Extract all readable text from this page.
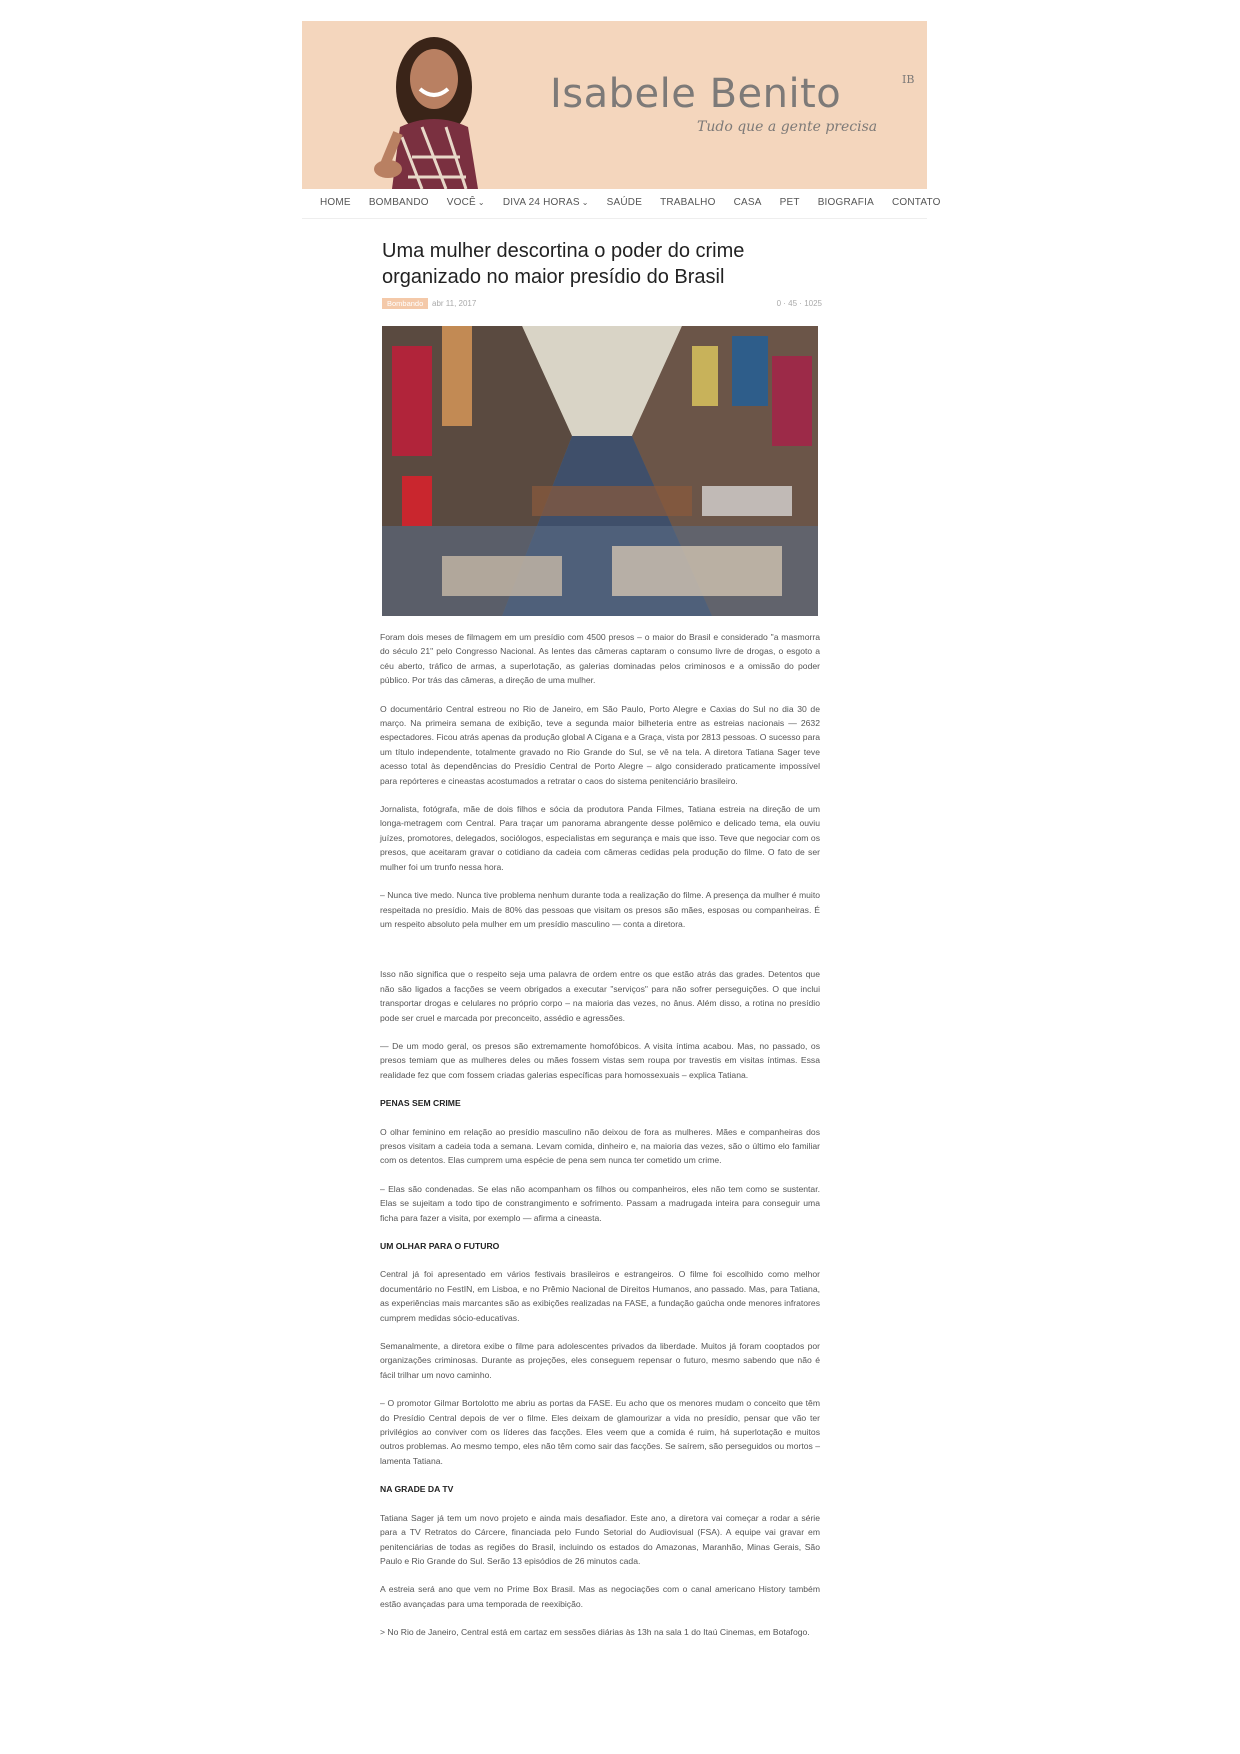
Isabele Benito	IB
Tudo que a gente precisa
HOME BOMBANDO VOCÊ ⌄ DIVA 24 HORAS ⌄ SAÚDE TRABALHO CASA PET BIOGRAFIA CONTATO
Uma mulher descortina o poder do crime organizado no maior presídio do Brasil
Bombando	abr 11, 2017	0 · 45 · 1025

Foram dois meses de filmagem em um presídio com 4500 presos – o maior do Brasil e considerado "a masmorra do século 21" pelo Congresso Nacional. As lentes das câmeras captaram o consumo livre de drogas, o esgoto a céu aberto, tráfico de armas, a superlotação, as galerias dominadas pelos criminosos e a omissão do poder público. Por trás das câmeras, a direção de uma mulher.

O documentário Central estreou no Rio de Janeiro, em São Paulo, Porto Alegre e Caxias do Sul no dia 30 de março. Na primeira semana de exibição, teve a segunda maior bilheteria entre as estreias nacionais — 2632 espectadores. Ficou atrás apenas da produção global A Cigana e a Graça, vista por 2813 pessoas. O sucesso para um título independente, totalmente gravado no Rio Grande do Sul, se vê na tela. A diretora Tatiana Sager teve acesso total às dependências do Presídio Central de Porto Alegre – algo considerado praticamente impossível para repórteres e cineastas acostumados a retratar o caos do sistema penitenciário brasileiro.

Jornalista, fotógrafa, mãe de dois filhos e sócia da produtora Panda Filmes, Tatiana estreia na direção de um longa-metragem com Central. Para traçar um panorama abrangente desse polêmico e delicado tema, ela ouviu juízes, promotores, delegados, sociólogos, especialistas em segurança e mais que isso. Teve que negociar com os presos, que aceitaram gravar o cotidiano da cadeia com câmeras cedidas pela produção do filme. O fato de ser mulher foi um trunfo nessa hora.

– Nunca tive medo. Nunca tive problema nenhum durante toda a realização do filme. A presença da mulher é muito respeitada no presídio. Mais de 80% das pessoas que visitam os presos são mães, esposas ou companheiras. É um respeito absoluto pela mulher em um presídio masculino — conta a diretora.

Isso não significa que o respeito seja uma palavra de ordem entre os que estão atrás das grades. Detentos que não são ligados a facções se veem obrigados a executar "serviços" para não sofrer perseguições. O que inclui transportar drogas e celulares no próprio corpo – na maioria das vezes, no ânus. Além disso, a rotina no presídio pode ser cruel e marcada por preconceito, assédio e agressões.

— De um modo geral, os presos são extremamente homofóbicos. A visita íntima acabou. Mas, no passado, os presos temiam que as mulheres deles ou mães fossem vistas sem roupa por travestis em visitas íntimas. Essa realidade fez que com fossem criadas galerias específicas para homossexuais – explica Tatiana.

PENAS SEM CRIME

O olhar feminino em relação ao presídio masculino não deixou de fora as mulheres. Mães e companheiras dos presos visitam a cadeia toda a semana. Levam comida, dinheiro e, na maioria das vezes, são o último elo familiar com os detentos. Elas cumprem uma espécie de pena sem nunca ter cometido um crime.

– Elas são condenadas. Se elas não acompanham os filhos ou companheiros, eles não tem como se sustentar. Elas se sujeitam a todo tipo de constrangimento e sofrimento. Passam a madrugada inteira para conseguir uma ficha para fazer a visita, por exemplo — afirma a cineasta.

UM OLHAR PARA O FUTURO

Central já foi apresentado em vários festivais brasileiros e estrangeiros. O filme foi escolhido como melhor documentário no FestIN, em Lisboa, e no Prêmio Nacional de Direitos Humanos, ano passado. Mas, para Tatiana, as experiências mais marcantes são as exibições realizadas na FASE, a fundação gaúcha onde menores infratores cumprem medidas sócio-educativas.

Semanalmente, a diretora exibe o filme para adolescentes privados da liberdade. Muitos já foram cooptados por organizações criminosas. Durante as projeções, eles conseguem repensar o futuro, mesmo sabendo que não é fácil trilhar um novo caminho.

– O promotor Gilmar Bortolotto me abriu as portas da FASE. Eu acho que os menores mudam o conceito que têm do Presídio Central depois de ver o filme. Eles deixam de glamourizar a vida no presídio, pensar que vão ter privilégios ao conviver com os líderes das facções. Eles veem que a comida é ruim, há superlotação e muitos outros problemas. Ao mesmo tempo, eles não têm como sair das facções. Se saírem, são perseguidos ou mortos – lamenta Tatiana.

NA GRADE DA TV

Tatiana Sager já tem um novo projeto e ainda mais desafiador. Este ano, a diretora vai começar a rodar a série para a TV Retratos do Cárcere, financiada pelo Fundo Setorial do Audiovisual (FSA). A equipe vai gravar em penitenciárias de todas as regiões do Brasil, incluindo os estados do Amazonas, Maranhão, Minas Gerais, São Paulo e Rio Grande do Sul. Serão 13 episódios de 26 minutos cada.

A estreia será ano que vem no Prime Box Brasil. Mas as negociações com o canal americano History também estão avançadas para uma temporada de reexibição.

> No Rio de Janeiro, Central está em cartaz em sessões diárias às 13h na sala 1 do Itaú Cinemas, em Botafogo.
